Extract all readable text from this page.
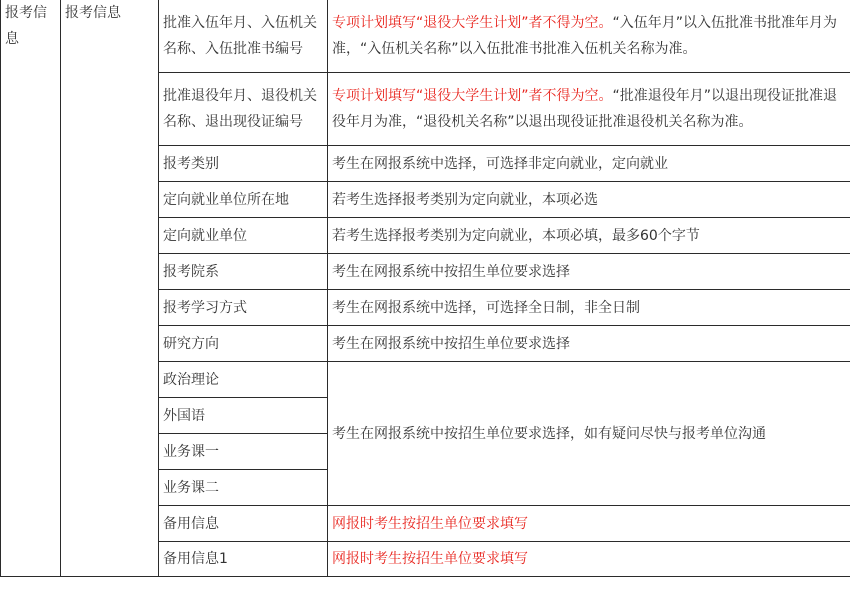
报考信息	报考信息	批准入伍年月、入伍机关名称、入伍批准书编号	专项计划填写“退役大学生计划”者不得为空。“入伍年月”以入伍批准书批准年月为准，“入伍机关名称”以入伍批准书批准入伍机关名称为准。
		批准退役年月、退役机关名称、退出现役证编号	专项计划填写“退役大学生计划”者不得为空。“批准退役年月”以退出现役证批准退役年月为准，“退役机关名称”以退出现役证批准退役机关名称为准。
		报考类别	考生在网报系统中选择，可选择非定向就业，定向就业
		定向就业单位所在地	若考生选择报考类别为定向就业，本项必选
		定向就业单位	若考生选择报考类别为定向就业，本项必填，最多60个字节
		报考院系	考生在网报系统中按招生单位要求选择
		报考学习方式	考生在网报系统中选择，可选择全日制，非全日制
		研究方向	考生在网报系统中按招生单位要求选择
		政治理论	考生在网报系统中按招生单位要求选择，如有疑问尽快与报考单位沟通
		外国语	
		业务课一	
		业务课二	
		备用信息	网报时考生按招生单位要求填写
		备用信息1	网报时考生按招生单位要求填写
